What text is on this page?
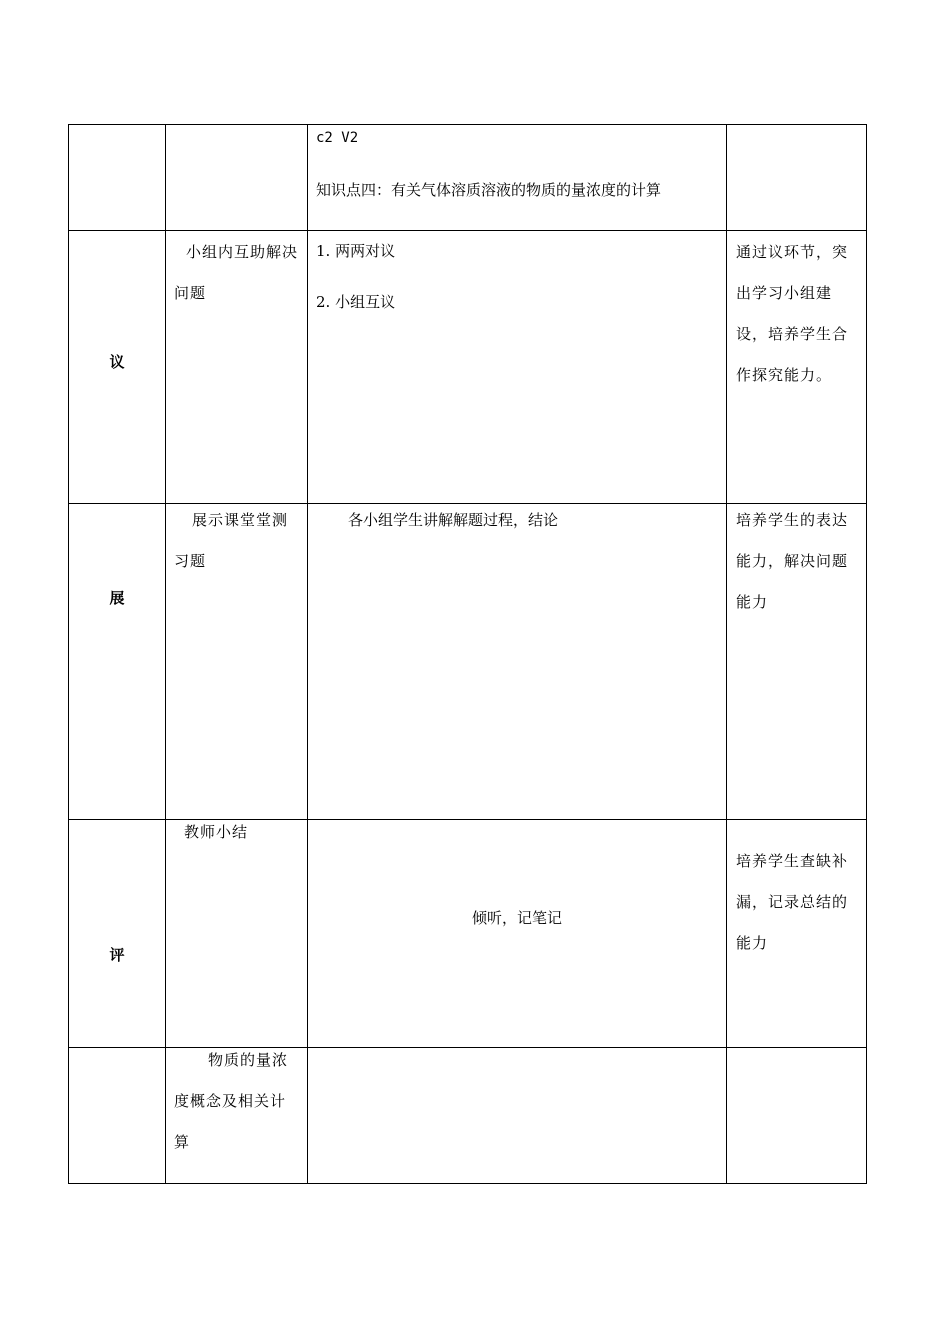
c2 V2
知识点四：有关气体溶质溶液的物质的量浓度的计算
议
小组内互助解决问题
1. 两两对议
2. 小组互议
通过议环节，突出学习小组建设，培养学生合作探究能力。
展
展示课堂堂测习题
各小组学生讲解解题过程，结论	培养学生的表达能力，解决问题能力
评
教师小结
倾听，记笔记
培养学生查缺补漏，记录总结的能力
物质的量浓度概念及相关计算
